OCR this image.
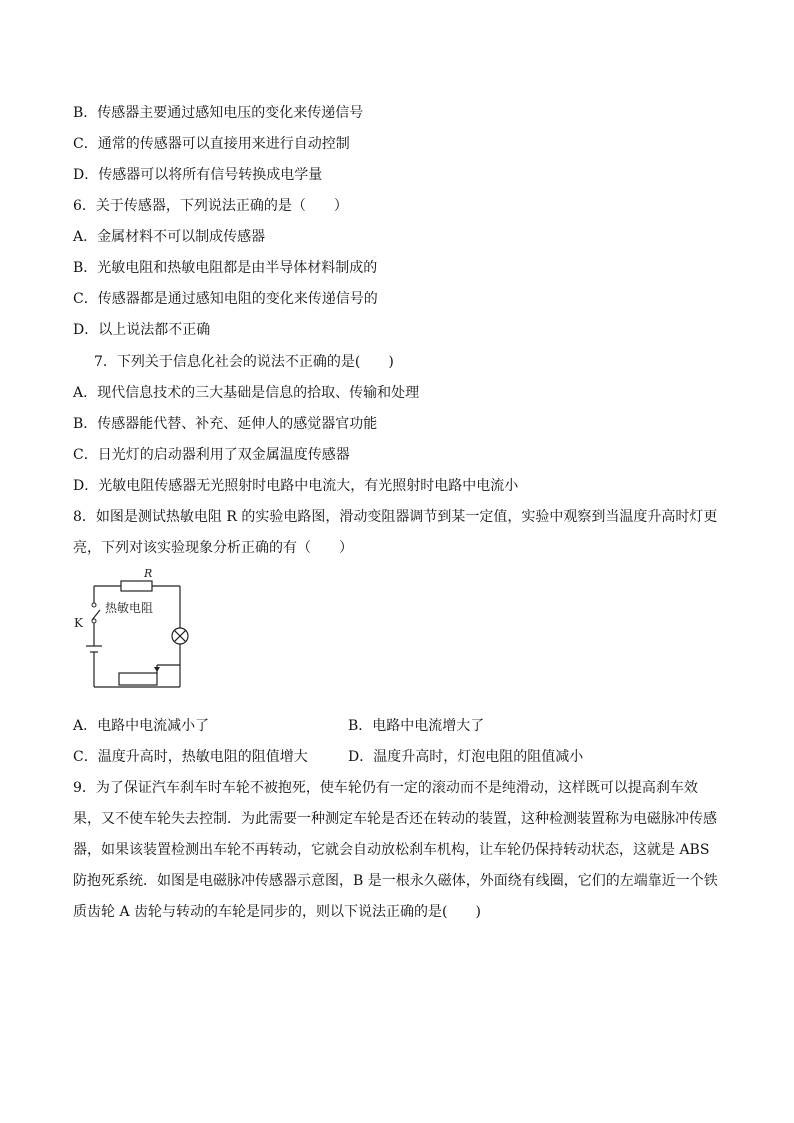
B．传感器主要通过感知电压的变化来传递信号
C．通常的传感器可以直接用来进行自动控制
D．传感器可以将所有信号转换成电学量
6．关于传感器，下列说法正确的是（　　）
A．金属材料不可以制成传感器
B．光敏电阻和热敏电阻都是由半导体材料制成的
C．传感器都是通过感知电阻的变化来传递信号的
D．以上说法都不正确
7．下列关于信息化社会的说法不正确的是(　　)
A．现代信息技术的三大基础是信息的拾取、传输和处理
B．传感器能代替、补充、延伸人的感觉器官功能
C．日光灯的启动器利用了双金属温度传感器
D．光敏电阻传感器无光照射时电路中电流大，有光照射时电路中电流小
8．如图是测试热敏电阻 R 的实验电路图，滑动变阻器调节到某一定值，实验中观察到当温度升高时灯更
亮，下列对该实验现象分析正确的有（　　）
R
热敏电阻
K
A．电路中电流减小了	B．电路中电流增大了
C．温度升高时，热敏电阻的阻值增大	D．温度升高时，灯泡电阻的阻值减小
9．为了保证汽车刹车时车轮不被抱死，使车轮仍有一定的滚动而不是纯滑动，这样既可以提高刹车效
果，又不使车轮失去控制．为此需要一种测定车轮是否还在转动的装置，这种检测装置称为电磁脉冲传感
器，如果该装置检测出车轮不再转动，它就会自动放松刹车机构，让车轮仍保持转动状态，这就是 ABS
防抱死系统．如图是电磁脉冲传感器示意图，B 是一根永久磁体，外面绕有线圈，它们的左端靠近一个铁
质齿轮 A 齿轮与转动的车轮是同步的，则以下说法正确的是(　　)
